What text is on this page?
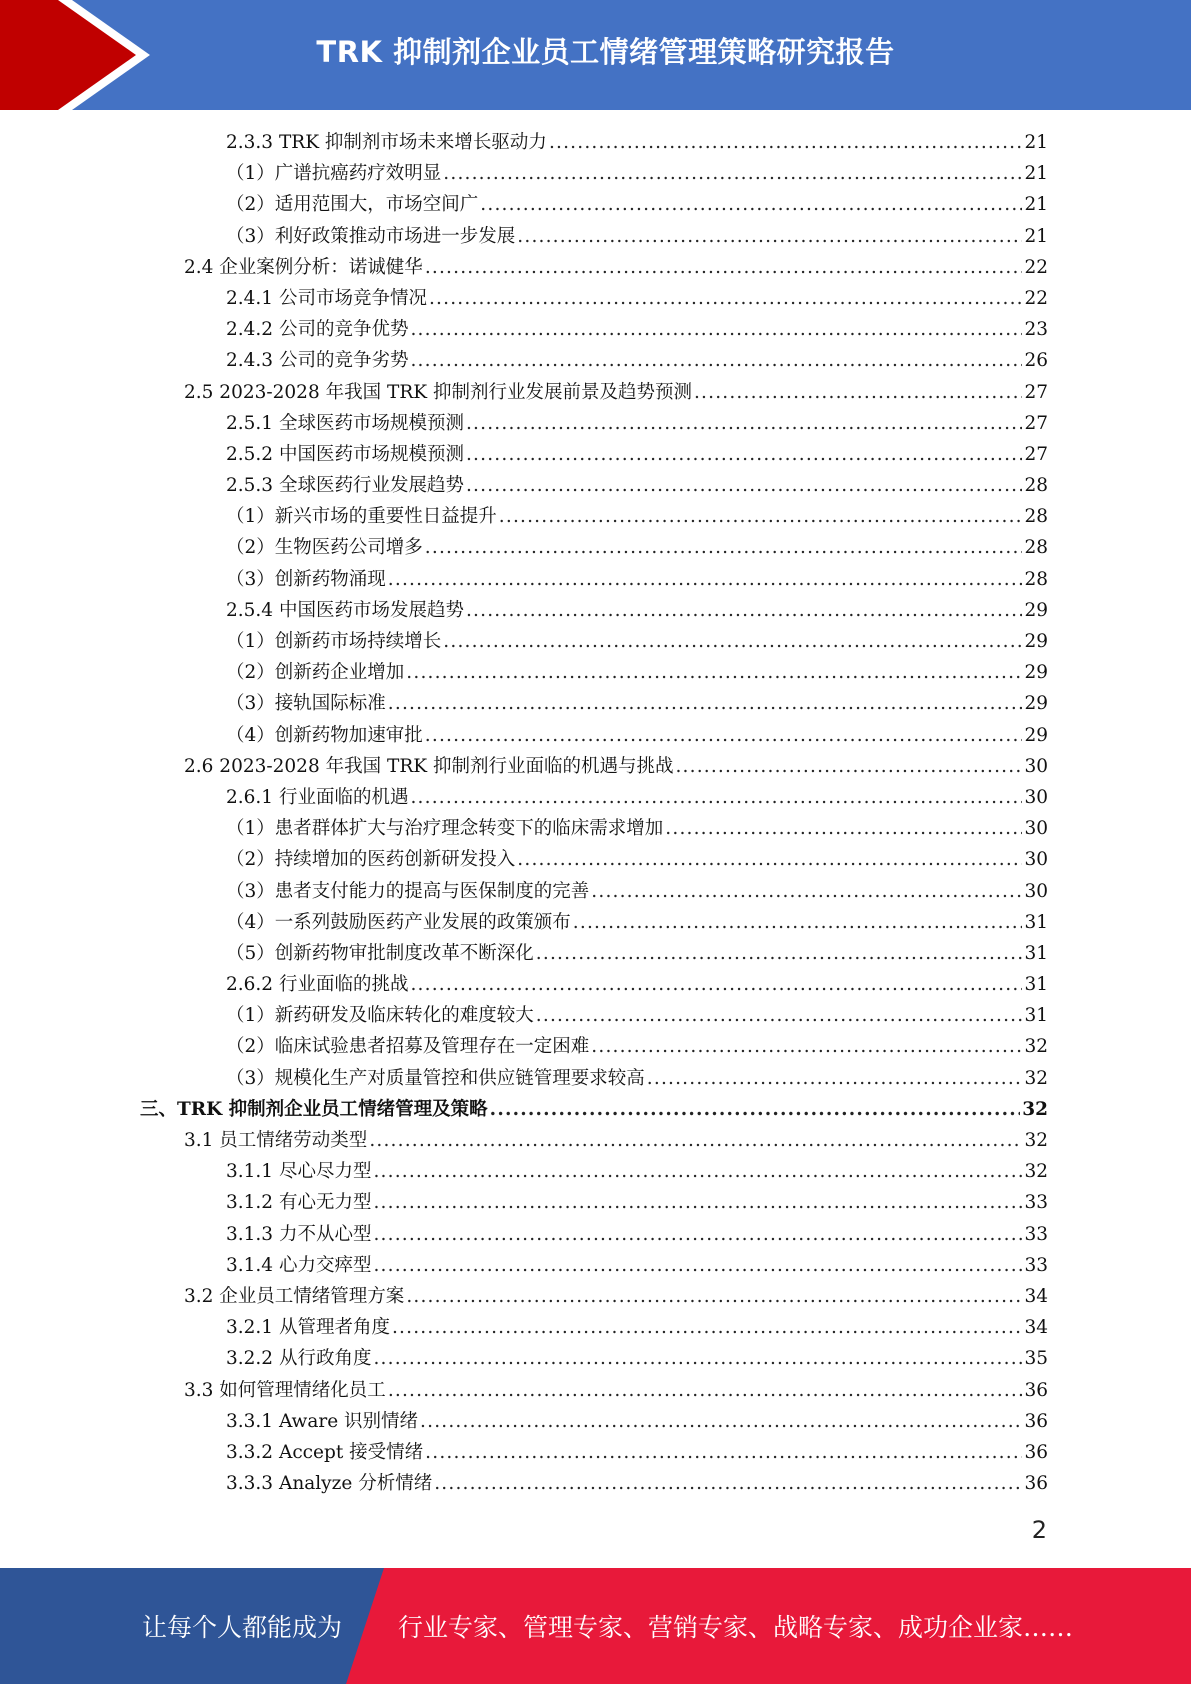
TRK 抑制剂企业员工情绪管理策略研究报告
2.3.3 TRK 抑制剂市场未来增长驱动力 .....	21
（1）广谱抗癌药疗效明显 .....	21
（2）适用范围大，市场空间广 .....	21
（3）利好政策推动市场进一步发展 .....	21
2.4 企业案例分析：诺诚健华 .....	22
2.4.1 公司市场竞争情况 .....	22
2.4.2 公司的竞争优势 .....	23
2.4.3 公司的竞争劣势 .....	26
2.5 2023-2028 年我国 TRK 抑制剂行业发展前景及趋势预测 .....	27
2.5.1 全球医药市场规模预测 .....	27
2.5.2 中国医药市场规模预测 .....	27
2.5.3 全球医药行业发展趋势 .....	28
（1）新兴市场的重要性日益提升 .....	28
（2）生物医药公司增多 .....	28
（3）创新药物涌现 .....	28
2.5.4 中国医药市场发展趋势 .....	29
（1）创新药市场持续增长 .....	29
（2）创新药企业增加 .....	29
（3）接轨国际标准 .....	29
（4）创新药物加速审批 .....	29
2.6 2023-2028 年我国 TRK 抑制剂行业面临的机遇与挑战 .....	30
2.6.1 行业面临的机遇 .....	30
（1）患者群体扩大与治疗理念转变下的临床需求增加 .....	30
（2）持续增加的医药创新研发投入 .....	30
（3）患者支付能力的提高与医保制度的完善 .....	30
（4）一系列鼓励医药产业发展的政策颁布 .....	31
（5）创新药物审批制度改革不断深化 .....	31
2.6.2 行业面临的挑战 .....	31
（1）新药研发及临床转化的难度较大 .....	31
（2）临床试验患者招募及管理存在一定困难 .....	32
（3）规模化生产对质量管控和供应链管理要求较高 .....	32
三、TRK 抑制剂企业员工情绪管理及策略 .....	32
3.1 员工情绪劳动类型 .....	32
3.1.1 尽心尽力型 .....	32
3.1.2 有心无力型 .....	33
3.1.3 力不从心型 .....	33
3.1.4 心力交瘁型 .....	33
3.2 企业员工情绪管理方案 .....	34
3.2.1 从管理者角度 .....	34
3.2.2 从行政角度 .....	35
3.3 如何管理情绪化员工 .....	36
3.3.1 Aware 识别情绪 .....	36
3.3.2 Accept 接受情绪 .....	36
3.3.3 Analyze 分析情绪 .....	36
2
让每个人都能成为 行业专家、管理专家、营销专家、战略专家、成功企业家……
